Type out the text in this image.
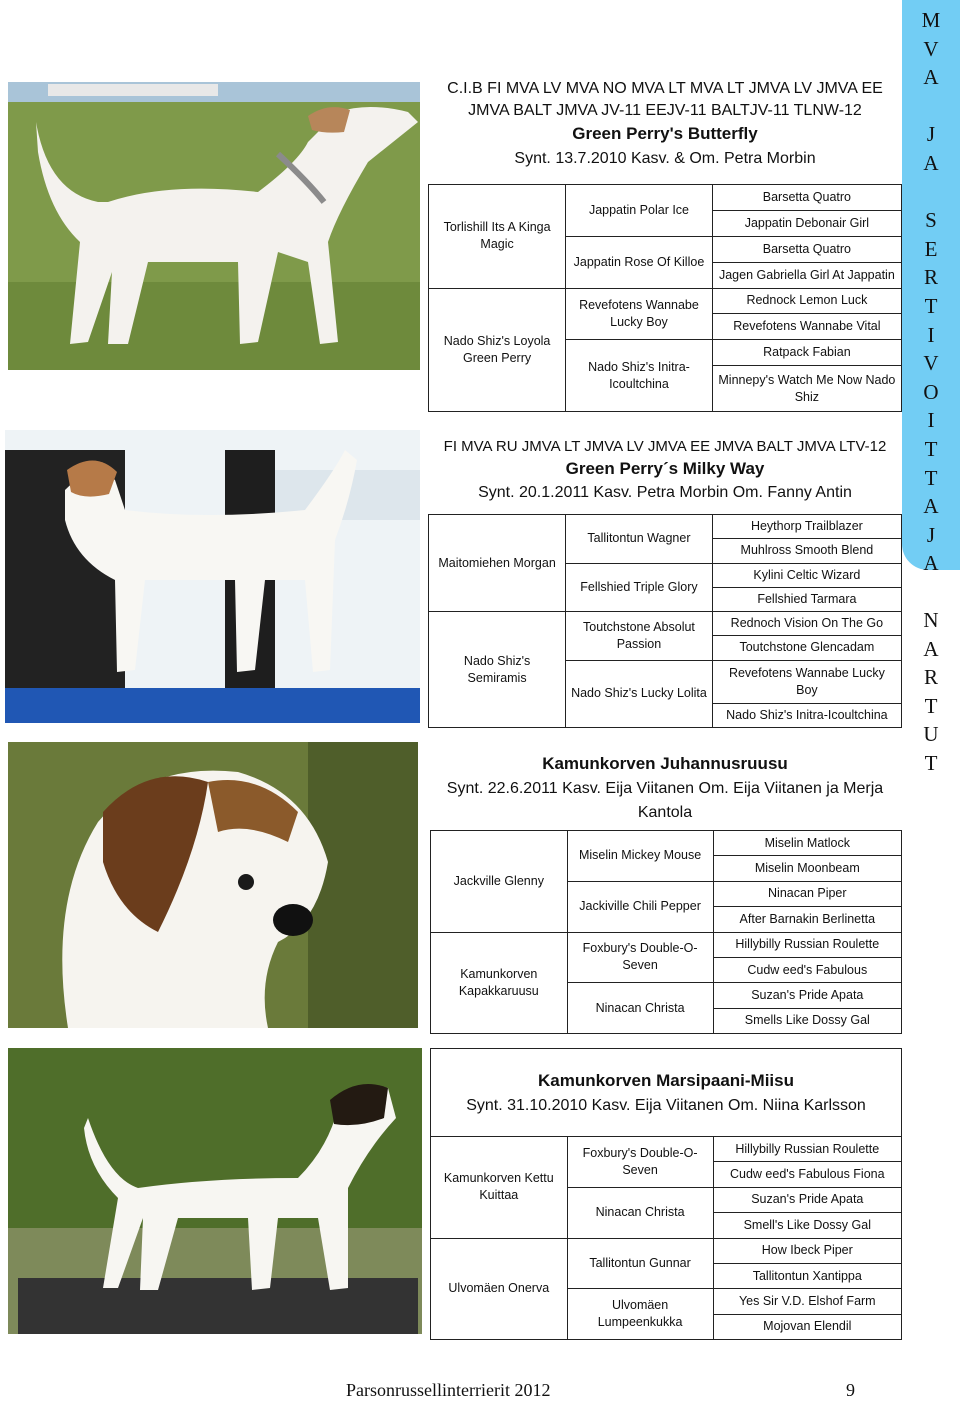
M
V
A

J
A

S
E
R
T
I
V
O
I
T
T
A
J
A
N
A
R
T
U
T
C.I.B FI MVA LV MVA NO MVA LT MVA LT JMVA LV JMVA EE JMVA BALT JMVA JV-11 EEJV-11 BALTJV-11 TLNW-12
Green Perry's Butterfly
Synt. 13.7.2010 Kasv. & Om. Petra Morbin
Torlishill Its A Kinga Magic	Jappatin Polar Ice	Barsetta Quatro
		Jappatin Debonair Girl
	Jappatin Rose Of Killoe	Barsetta Quatro
		Jagen Gabriella Girl At Jappatin
Nado Shiz's Loyola Green Perry	Revefotens Wannabe Lucky Boy	Rednock Lemon Luck
		Revefotens Wannabe Vital
	Nado Shiz's Initra-Icoultchina	Ratpack Fabian
		Minnepy's Watch Me Now Nado Shiz
FI MVA RU JMVA LT JMVA LV JMVA EE JMVA BALT JMVA LTV-12 Green Perry´s Milky Way
Synt. 20.1.2011 Kasv. Petra Morbin Om. Fanny Antin
Maitomiehen Morgan	Tallitontun Wagner	Heythorp Trailblazer
		Muhlross Smooth Blend
	Fellshied Triple Glory	Kylini Celtic Wizard
		Fellshied Tarmara
Nado Shiz's Semiramis	Toutchstone Absolut Passion	Rednoch Vision On The Go
		Toutchstone Glencadam
	Nado Shiz's Lucky Lolita	Revefotens Wannabe Lucky Boy
		Nado Shiz's Initra-Icoultchina
Kamunkorven Juhannusruusu
Synt. 22.6.2011 Kasv. Eija Viitanen Om. Eija Viitanen ja Merja Kantola
Jackville Glenny	Miselin Mickey Mouse	Miselin Matlock
		Miselin Moonbeam
	Jackiville Chili Pepper	Ninacan Piper
		After Barnakin Berlinetta
Kamunkorven Kapakkaruusu	Foxbury's Double-O-Seven	Hillybilly Russian Roulette
		Cudw eed's Fabulous
	Ninacan Christa	Suzan's Pride Apata
		Smells Like Dossy Gal
Kamunkorven Marsipaani-Miisu
Synt. 31.10.2010 Kasv. Eija Viitanen Om. Niina Karlsson
Kamunkorven Kettu Kuittaa	Foxbury's Double-O-Seven	Hillybilly Russian Roulette
		Cudw eed's Fabulous Fiona
	Ninacan Christa	Suzan's Pride Apata
		Smell's Like Dossy Gal
Ulvomäen Onerva	Tallitontun Gunnar	How Ibeck Piper
		Tallitontun Xantippa
	Ulvomäen Lumpeenkukka	Yes Sir V.D. Elshof Farm
		Mojovan Elendil
Parsonrussellinterrierit 2012	9
